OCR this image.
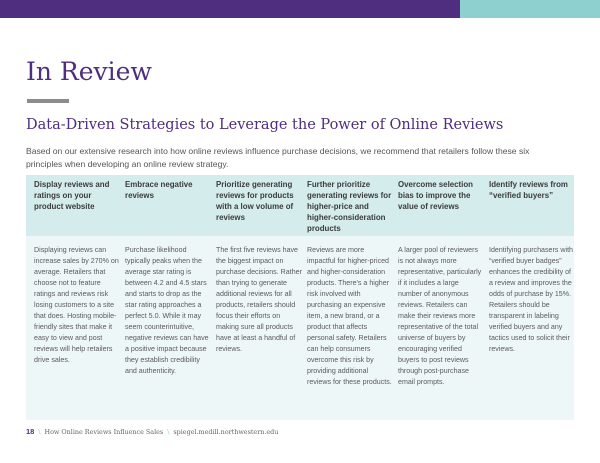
In Review
Data-Driven Strategies to Leverage the Power of Online Reviews

Based on our extensive research into how online reviews influence purchase decisions, we recommend that retailers follow these six principles when developing an online review strategy.

Display reviews and ratings on your product website

Displaying reviews can increase sales by 270% on average. Retailers that choose not to feature ratings and reviews risk losing customers to a site that does. Hosting mobile-friendly sites that make it easy to view and post reviews will help retailers drive sales.

Embrace negative reviews

Purchase likelihood typically peaks when the average star rating is between 4.2 and 4.5 stars and starts to drop as the star rating approaches a perfect 5.0. While it may seem counterintuitive, negative reviews can have a positive impact because they establish credibility and authenticity.

Prioritize generating reviews for products with a low volume of reviews

The first five reviews have the biggest impact on purchase decisions. Rather than trying to generate additional reviews for all products, retailers should focus their efforts on making sure all products have at least a handful of reviews.

Further prioritize generating reviews for higher-price and higher-consideration products

Reviews are more impactful for higher-priced and higher-consideration products. There's a higher risk involved with purchasing an expensive item, a new brand, or a product that affects personal safety. Retailers can help consumers overcome this risk by providing additional reviews for these products.

Overcome selection bias to improve the value of reviews

A larger pool of reviewers is not always more representative, particularly if it includes a large number of anonymous reviews. Retailers can make their reviews more representative of the total universe of buyers by encouraging verified buyers to post reviews through post-purchase email prompts.

Identify reviews from “verified buyers”

Identifying purchasers with “verified buyer badges” enhances the credibility of a review and improves the odds of purchase by 15%. Retailers should be transparent in labeling verified buyers and any tactics used to solicit their reviews.

18 \ How Online Reviews Influence Sales \ spiegel.medill.northwestern.edu
